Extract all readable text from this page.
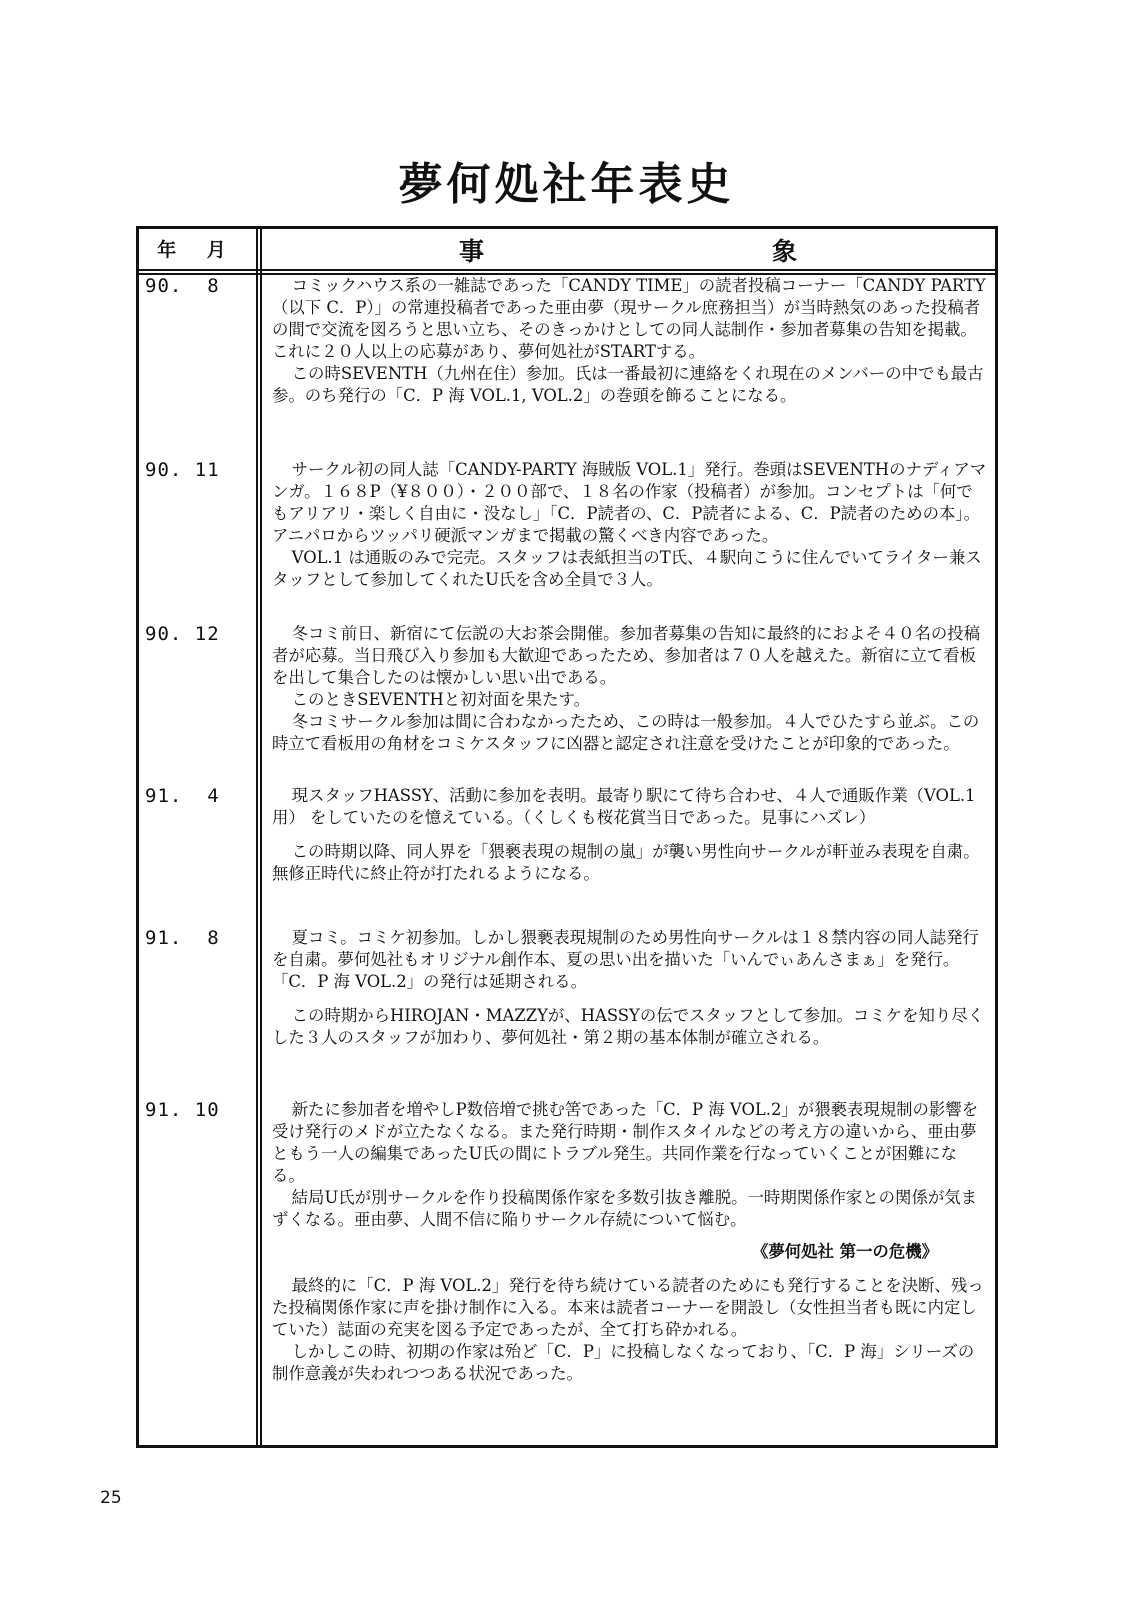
夢何処社年表史
年 月	事	象
90.  8	コミックハウス系の一雑誌であった「CANDY TIME」の読者投稿コーナー「CANDY PARTY（以下 C．P）」の常連投稿者であった亜由夢（現サークル庶務担当）が当時熱気のあった投稿者の間で交流を図ろうと思い立ち、そのきっかけとしての同人誌制作・参加者募集の告知を掲載。これに２０人以上の応募があり、夢何処社がSTARTする。

この時SEVENTH（九州在住）参加。氏は一番最初に連絡をくれ現在のメンバーの中でも最古参。のち発行の「C．P 海 VOL.1, VOL.2」の巻頭を飾ることになる。

90. 11	サークル初の同人誌「CANDY-PARTY 海賊版 VOL.1」発行。巻頭はSEVENTHのナディアマンガ。１６８P（¥８００）・２００部で、１８名の作家（投稿者）が参加。コンセプトは「何でもアリアリ・楽しく自由に・没なし」「C．P読者の、C．P読者による、C．P読者のための本」。アニパロからツッパリ硬派マンガまで掲載の驚くべき内容であった。

VOL.1 は通販のみで完売。スタッフは表紙担当のT氏、４駅向こうに住んでいてライター兼スタッフとして参加してくれたU氏を含め全員で３人。

90. 12	冬コミ前日、新宿にて伝説の大お茶会開催。参加者募集の告知に最終的におよそ４０名の投稿者が応募。当日飛び入り参加も大歓迎であったため、参加者は７０人を越えた。新宿に立て看板を出して集合したのは懐かしい思い出である。

このときSEVENTHと初対面を果たす。

冬コミサークル参加は間に合わなかったため、この時は一般参加。４人でひたすら並ぶ。この時立て看板用の角材をコミケスタッフに凶器と認定され注意を受けたことが印象的であった。

91.  4	現スタッフHASSY、活動に参加を表明。最寄り駅にて待ち合わせ、４人で通販作業（VOL.1用） をしていたのを憶えている。（くしくも桜花賞当日であった。見事にハズレ）

この時期以降、同人界を「猥褻表現の規制の嵐」が襲い男性向サークルが軒並み表現を自粛。無修正時代に終止符が打たれるようになる。

91.  8	夏コミ。コミケ初参加。しかし猥褻表現規制のため男性向サークルは１８禁内容の同人誌発行を自粛。夢何処社もオリジナル創作本、夏の思い出を描いた「いんでぃあんさまぁ」を発行。「C．P 海 VOL.2」の発行は延期される。

この時期からHIROJAN・MAZZYが、HASSYの伝でスタッフとして参加。コミケを知り尽くした３人のスタッフが加わり、夢何処社・第２期の基本体制が確立される。

91. 10	新たに参加者を増やしP数倍増で挑む筈であった「C．P 海 VOL.2」が猥褻表現規制の影響を受け発行のメドが立たなくなる。また発行時期・制作スタイルなどの考え方の違いから、亜由夢ともう一人の編集であったU氏の間にトラブル発生。共同作業を行なっていくことが困難になる。

結局U氏が別サークルを作り投稿関係作家を多数引抜き離脱。一時期関係作家との関係が気まずくなる。亜由夢、人間不信に陥りサークル存続について悩む。

《夢何処社 第一の危機》

最終的に「C．P 海 VOL.2」発行を待ち続けている読者のためにも発行することを決断、残った投稿関係作家に声を掛け制作に入る。本来は読者コーナーを開設し（女性担当者も既に内定していた）誌面の充実を図る予定であったが、全て打ち砕かれる。

しかしこの時、初期の作家は殆ど「C．P」に投稿しなくなっており、「C．P 海」シリーズの制作意義が失われつつある状況であった。

25
